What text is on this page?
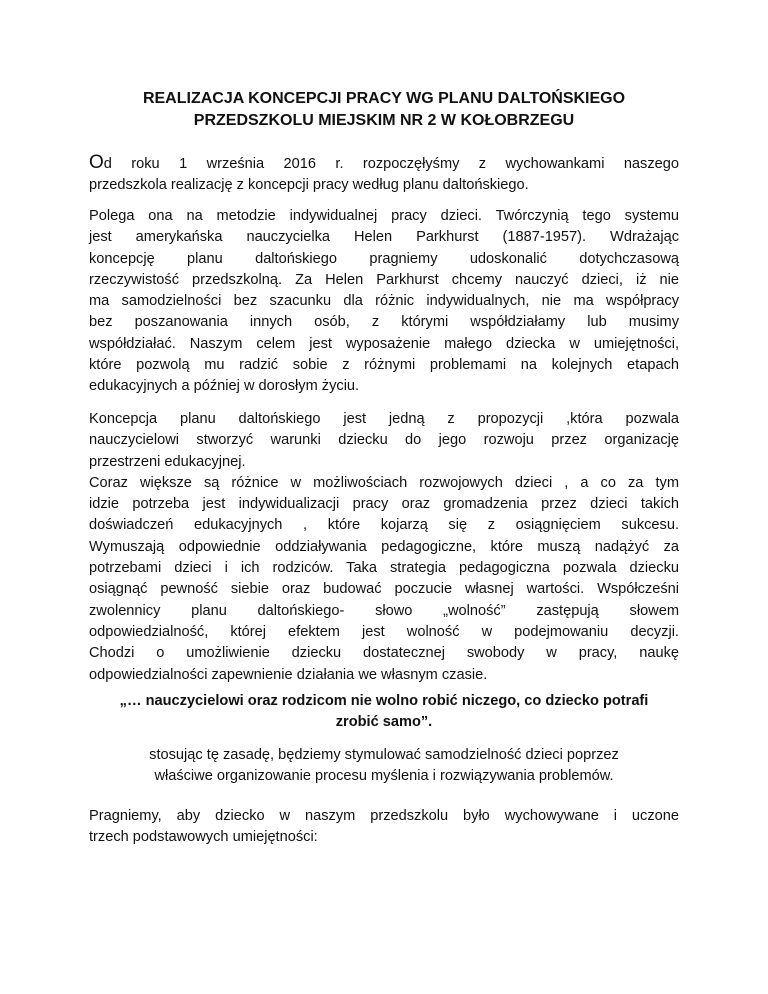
REALIZACJA KONCEPCJI PRACY WG PLANU DALTOŃSKIEGO
PRZEDSZKOLU MIEJSKIM NR 2 W KOŁOBRZEGU
Od roku 1 września 2016 r. rozpoczęłyśmy z wychowankami naszego
przedszkola realizację z koncepcji pracy według planu daltońskiego.
Polega ona na metodzie indywidualnej pracy dzieci. Twórczynią tego systemu
jest amerykańska nauczycielka Helen Parkhurst (1887-1957). Wdrażając
koncepcję planu daltońskiego pragniemy udoskonalić dotychczasową
rzeczywistość przedszkolną. Za Helen Parkhurst chcemy nauczyć dzieci, iż nie
ma samodzielności bez szacunku dla różnic indywidualnych, nie ma współpracy
bez poszanowania innych osób, z którymi współdziałamy lub musimy
współdziałać. Naszym celem jest wyposażenie małego dziecka w umiejętności,
które pozwolą mu radzić sobie z różnymi problemami na kolejnych etapach
edukacyjnych a później w dorosłym życiu.
Koncepcja planu daltońskiego jest jedną z propozycji ,która pozwala
nauczycielowi stworzyć warunki dziecku do jego rozwoju przez organizację
przestrzeni edukacyjnej.
Coraz większe są różnice w możliwościach rozwojowych dzieci , a co za tym
idzie potrzeba jest indywidualizacji pracy oraz gromadzenia przez dzieci takich
doświadczeń edukacyjnych , które kojarzą się z osiągnięciem sukcesu.
Wymuszają odpowiednie oddziaływania pedagogiczne, które muszą nadążyć za
potrzebami dzieci i ich rodziców. Taka strategia pedagogiczna pozwala dziecku
osiągnąć pewność siebie oraz budować poczucie własnej wartości. Współcześni
zwolennicy planu daltońskiego- słowo „wolność” zastępują słowem
odpowiedzialność, której efektem jest wolność w podejmowaniu decyzji.
Chodzi o umożliwienie dziecku dostatecznej swobody w pracy, naukę
odpowiedzialności zapewnienie działania we własnym czasie.
„… nauczycielowi oraz rodzicom nie wolno robić niczego, co dziecko potrafi
zrobić samo”.
stosując tę zasadę, będziemy stymulować samodzielność dzieci poprzez
właściwe organizowanie procesu myślenia i rozwiązywania problemów.
Pragniemy, aby dziecko w naszym przedszkolu było wychowywane i uczone
trzech podstawowych umiejętności:
